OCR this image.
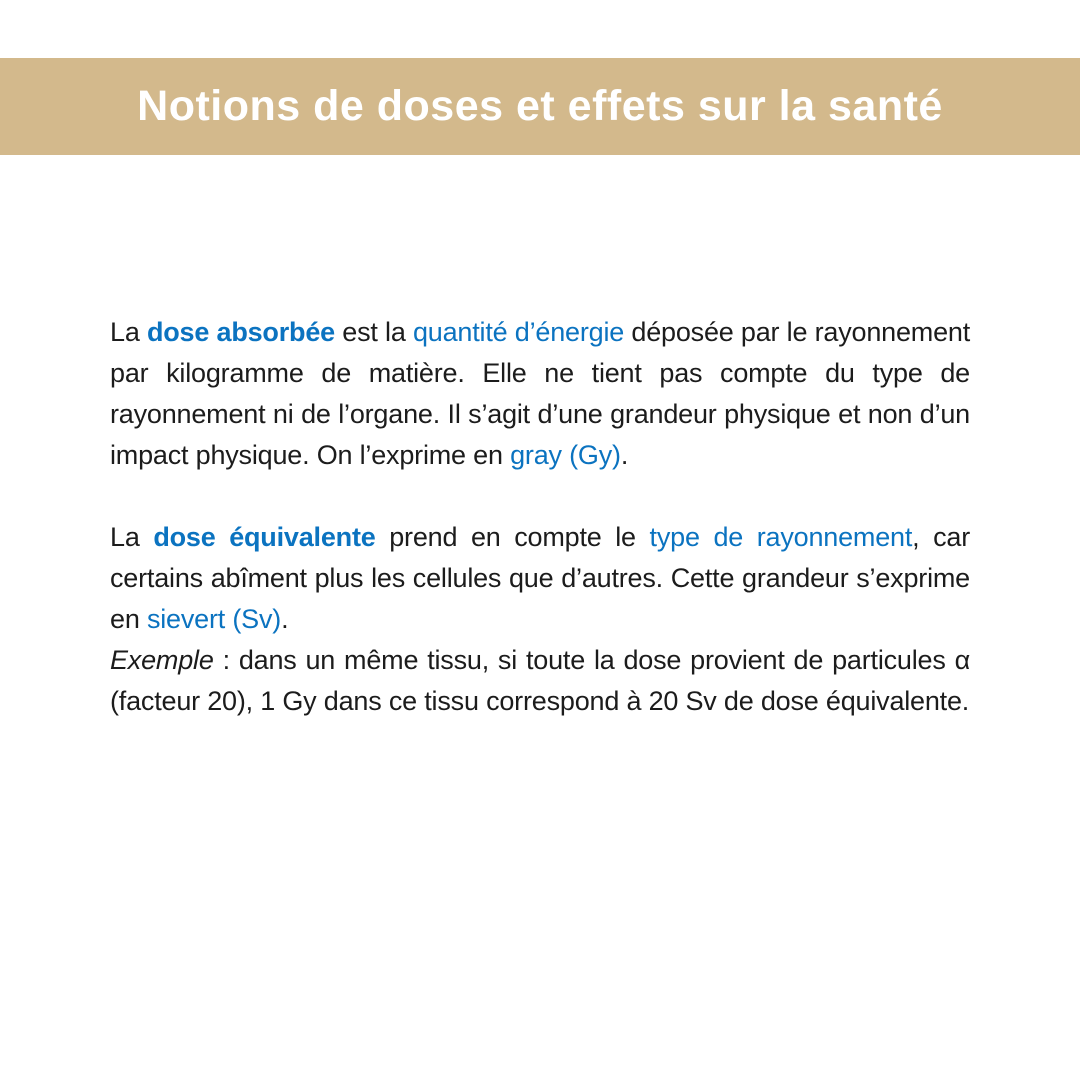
Notions de doses et effets sur la santé

La dose absorbée est la quantité d’énergie déposée par le rayonnement par kilogramme de matière. Elle ne tient pas compte du type de rayonnement ni de l’organe. Il s’agit d’une grandeur physique et non d’un impact physique. On l’exprime en gray (Gy).

La dose équivalente prend en compte le type de rayonnement, car certains abîment plus les cellules que d’autres. Cette grandeur s’exprime en sievert (Sv).

Exemple : dans un même tissu, si toute la dose provient de particules α (facteur 20), 1 Gy dans ce tissu correspond à 20 Sv de dose équivalente.
